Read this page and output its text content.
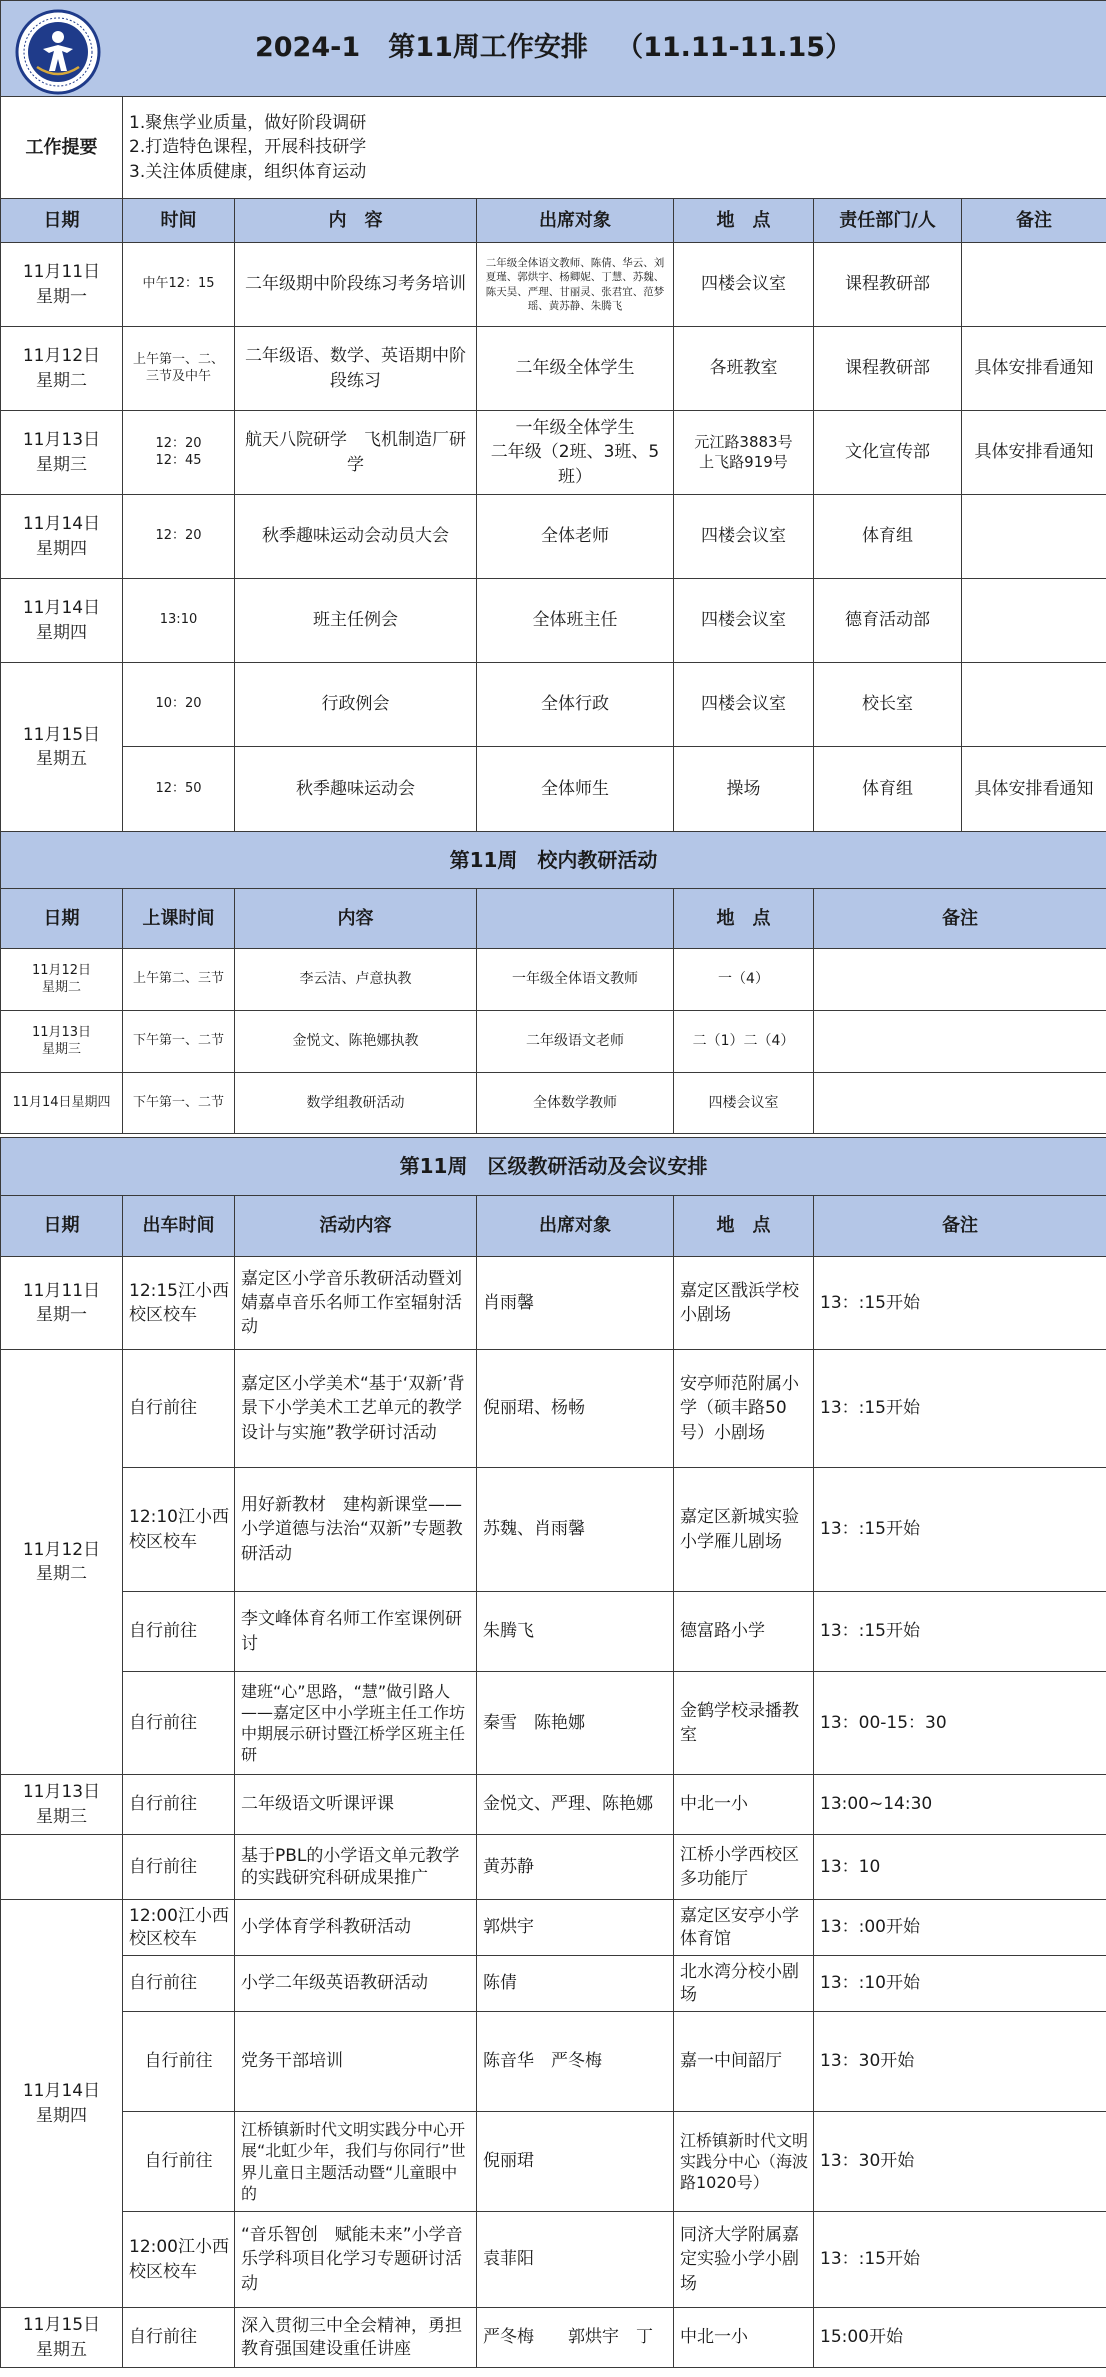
2024-1   第11周工作安排   （11.11-11.15）						
工作提要	1.聚焦学业质量，做好阶段调研
2.打造特色课程，开展科技研学
3.关注体质健康，组织体育运动					

日期	时间	内　容	出席对象	地　点	责任部门/人	备注
11月11日
星期一	中午12：15	二年级期中阶段练习考务培训	二年级全体语文教师、陈倩、华云、刘夏瑾、郭烘宇、杨卿妮、丁慧、苏魏、陈天昊、严理、甘丽灵、张君宜、范梦瑶、黄苏静、朱腾飞	四楼会议室	课程教研部	
11月12日
星期二	上午第一、二、三节及中午	二年级语、数学、英语期中阶段练习	二年级全体学生	各班教室	课程教研部	具体安排看通知
11月13日
星期三	12：20
12：45	航天八院研学　飞机制造厂研学	一年级全体学生
二年级（2班、3班、5班）	元江路3883号
上飞路919号	文化宣传部	具体安排看通知
11月14日
星期四	12：20	秋季趣味运动会动员大会	全体老师	四楼会议室	体育组	
11月14日
星期四	13:10	班主任例会	全体班主任	四楼会议室	德育活动部	
11月15日
星期五	10：20	行政例会	全体行政	四楼会议室	校长室	
	12：50	秋季趣味运动会	全体师生	操场	体育组	具体安排看通知
第11周　校内教研活动					
日期	上课时间	内容		地　点	备注
11月12日
星期二	上午第二、三节	李云洁、卢意执教	一年级全体语文教师	一（4）	
11月13日
星期三	下午第一、二节	金悦文、陈艳娜执教	二年级语文老师	二（1）二（4）	
11月14日星期四	下午第一、二节	数学组教研活动	全体数学教师	四楼会议室	
第11周　区级教研活动及会议安排					
日期	出车时间	活动内容	出席对象	地　点	备注
11月11日
星期一	12:15江小西校区校车	嘉定区小学音乐教研活动暨刘婧嘉卓音乐名师工作室辐射活动	肖雨馨	嘉定区戬浜学校小剧场	13：:15开始
11月12日
星期二	自行前往	嘉定区小学美术“基于‘双新’背景下小学美术工艺单元的教学设计与实施”教学研讨活动	倪丽珺、杨畅	安亭师范附属小学（硕丰路50号）小剧场	13：:15开始
	12:10江小西校区校车	用好新教材　建构新课堂——小学道德与法治“双新”专题教研活动	苏魏、肖雨馨	嘉定区新城实验小学雁儿剧场	13：:15开始
	自行前往	李文峰体育名师工作室课例研讨	朱腾飞	德富路小学	13：:15开始
	自行前往	建班“心”思路，“慧”做引路人——嘉定区中小学班主任工作坊中期展示研讨暨江桥学区班主任研	秦雪　陈艳娜	金鹤学校录播教室	13：00-15：30
11月13日
星期三	自行前往	二年级语文听课评课	金悦文、严理、陈艳娜	中北一小	13:00~14:30
	自行前往	基于PBL的小学语文单元教学的实践研究科研成果推广	黄苏静	江桥小学西校区多功能厅	13：10
11月14日
星期四	12:00江小西校区校车	小学体育学科教研活动	郭烘宇	嘉定区安亭小学体育馆	13：:00开始
	自行前往	小学二年级英语教研活动	陈倩	北水湾分校小剧场	13：:10开始
	自行前往	党务干部培训	陈音华　严冬梅	嘉一中间韶厅	13：30开始
	自行前往	江桥镇新时代文明实践分中心开展“北虹少年，我们与你同行”世界儿童日主题活动暨“儿童眼中的	倪丽珺	江桥镇新时代文明实践分中心（海波路1020号）	13：30开始
	12:00江小西校区校车	“音乐智创　赋能未来”小学音乐学科项目化学习专题研讨活动	袁菲阳	同济大学附属嘉定实验小学小剧场	13：:15开始
11月15日
星期五	自行前往	深入贯彻三中全会精神，勇担教育强国建设重任讲座	严冬梅　　郭烘宇　丁	中北一小	15:00开始
